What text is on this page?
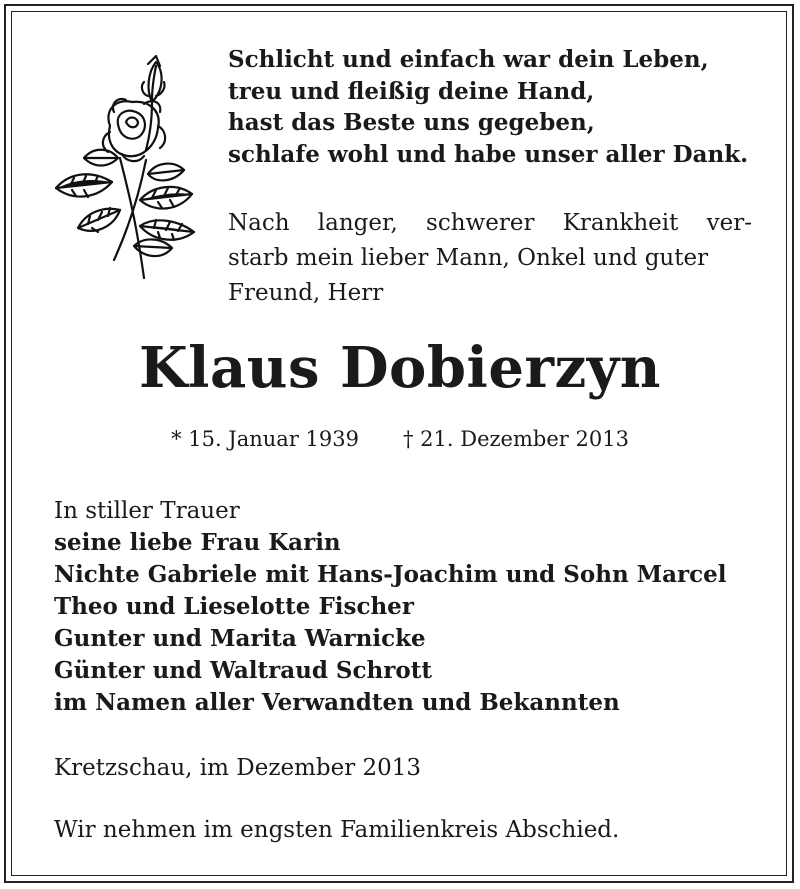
Schlicht und einfach war dein Leben,
treu und fleißig deine Hand,
hast das Beste uns gegeben,
schlafe wohl und habe unser aller Dank.
Nach langer, schwerer Krankheit ver-
starb mein lieber Mann, Onkel und guter
Freund, Herr
Klaus Dobierzyn
* 15. Januar 1939 † 21. Dezember 2013
In stiller Trauer
seine liebe Frau Karin
Nichte Gabriele mit Hans-Joachim und Sohn Marcel
Theo und Lieselotte Fischer
Gunter und Marita Warnicke
Günter und Waltraud Schrott
im Namen aller Verwandten und Bekannten
Kretzschau, im Dezember 2013
Wir nehmen im engsten Familienkreis Abschied.
